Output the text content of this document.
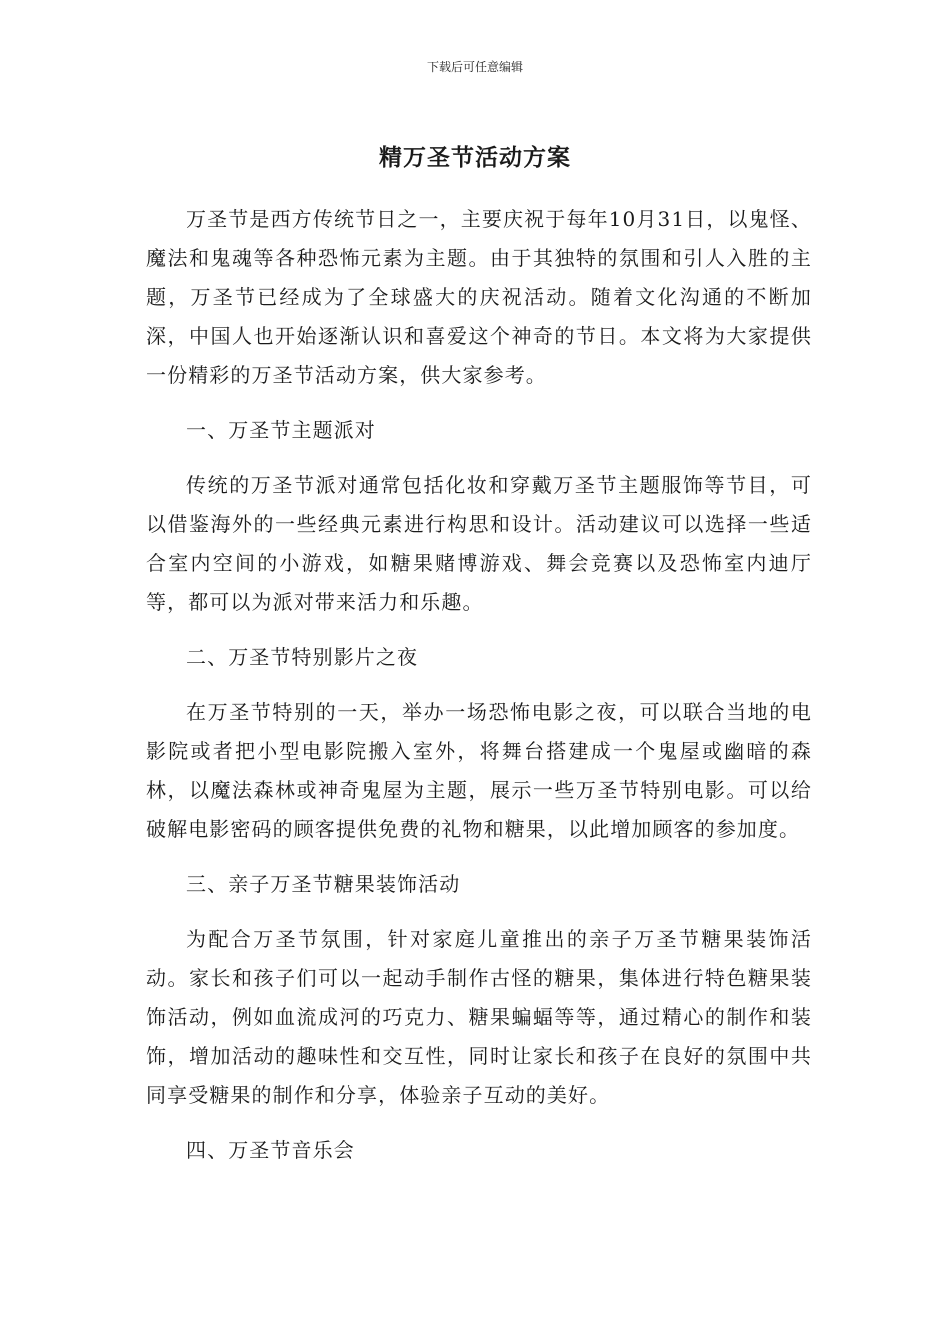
下载后可任意编辑
精万圣节活动方案

万圣节是西方传统节日之一，主要庆祝于每年10月31日，以鬼怪、魔法和鬼魂等各种恐怖元素为主题。由于其独特的氛围和引人入胜的主题，万圣节已经成为了全球盛大的庆祝活动。随着文化沟通的不断加深，中国人也开始逐渐认识和喜爱这个神奇的节日。本文将为大家提供一份精彩的万圣节活动方案，供大家参考。

一、万圣节主题派对

传统的万圣节派对通常包括化妆和穿戴万圣节主题服饰等节目，可以借鉴海外的一些经典元素进行构思和设计。活动建议可以选择一些适合室内空间的小游戏，如糖果赌博游戏、舞会竞赛以及恐怖室内迪厅等，都可以为派对带来活力和乐趣。

二、万圣节特别影片之夜

在万圣节特别的一天，举办一场恐怖电影之夜，可以联合当地的电影院或者把小型电影院搬入室外，将舞台搭建成一个鬼屋或幽暗的森林，以魔法森林或神奇鬼屋为主题，展示一些万圣节特别电影。可以给破解电影密码的顾客提供免费的礼物和糖果，以此增加顾客的参加度。

三、亲子万圣节糖果装饰活动

为配合万圣节氛围，针对家庭儿童推出的亲子万圣节糖果装饰活动。家长和孩子们可以一起动手制作古怪的糖果，集体进行特色糖果装饰活动，例如血流成河的巧克力、糖果蝙蝠等等，通过精心的制作和装饰，增加活动的趣味性和交互性，同时让家长和孩子在良好的氛围中共同享受糖果的制作和分享，体验亲子互动的美好。

四、万圣节音乐会
